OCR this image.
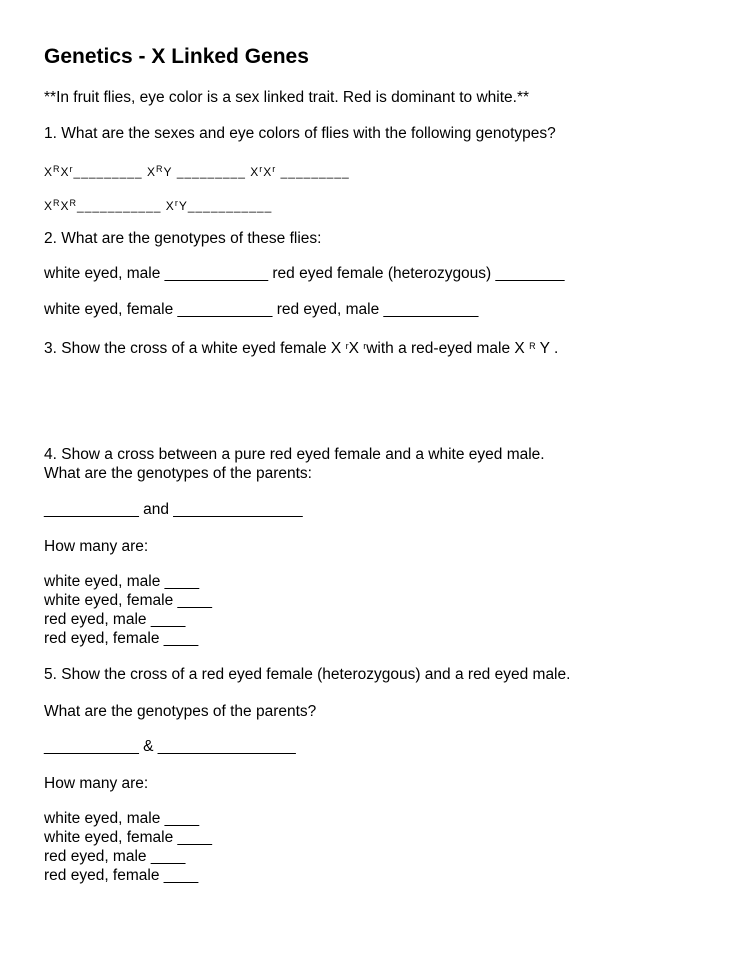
Genetics - X Linked Genes
**In fruit flies, eye color is a sex linked trait. Red is dominant to white.**
1. What are the sexes and eye colors of flies with the following genotypes?
$X^RX^r\_\_\_\_\_\_\_\_\_$ $X^RY$ _________ $X^rX^r$ _________
$X^RX^R\_\_\_\_\_\_\_\_\_\_\_$ $X^rY\_\_\_\_\_\_\_\_\_\_\_$
2. What are the genotypes of these flies:
white eyed, male ____________ red eyed female (heterozygous) ________
white eyed, female ___________ red eyed, male ___________
3. Show the cross of a white eyed female X $^r$X $^r$with a red-eyed male X $^R$ Y .
4. Show a cross between a pure red eyed female and a white eyed male.
What are the genotypes of the parents:
___________ and _______________
How many are:
white eyed, male ____
white eyed, female ____
red eyed, male ____
red eyed, female ____
5. Show the cross of a red eyed female (heterozygous) and a red eyed male.
What are the genotypes of the parents?
___________ & ________________
How many are:
white eyed, male ____
white eyed, female ____
red eyed, male ____
red eyed, female ____
